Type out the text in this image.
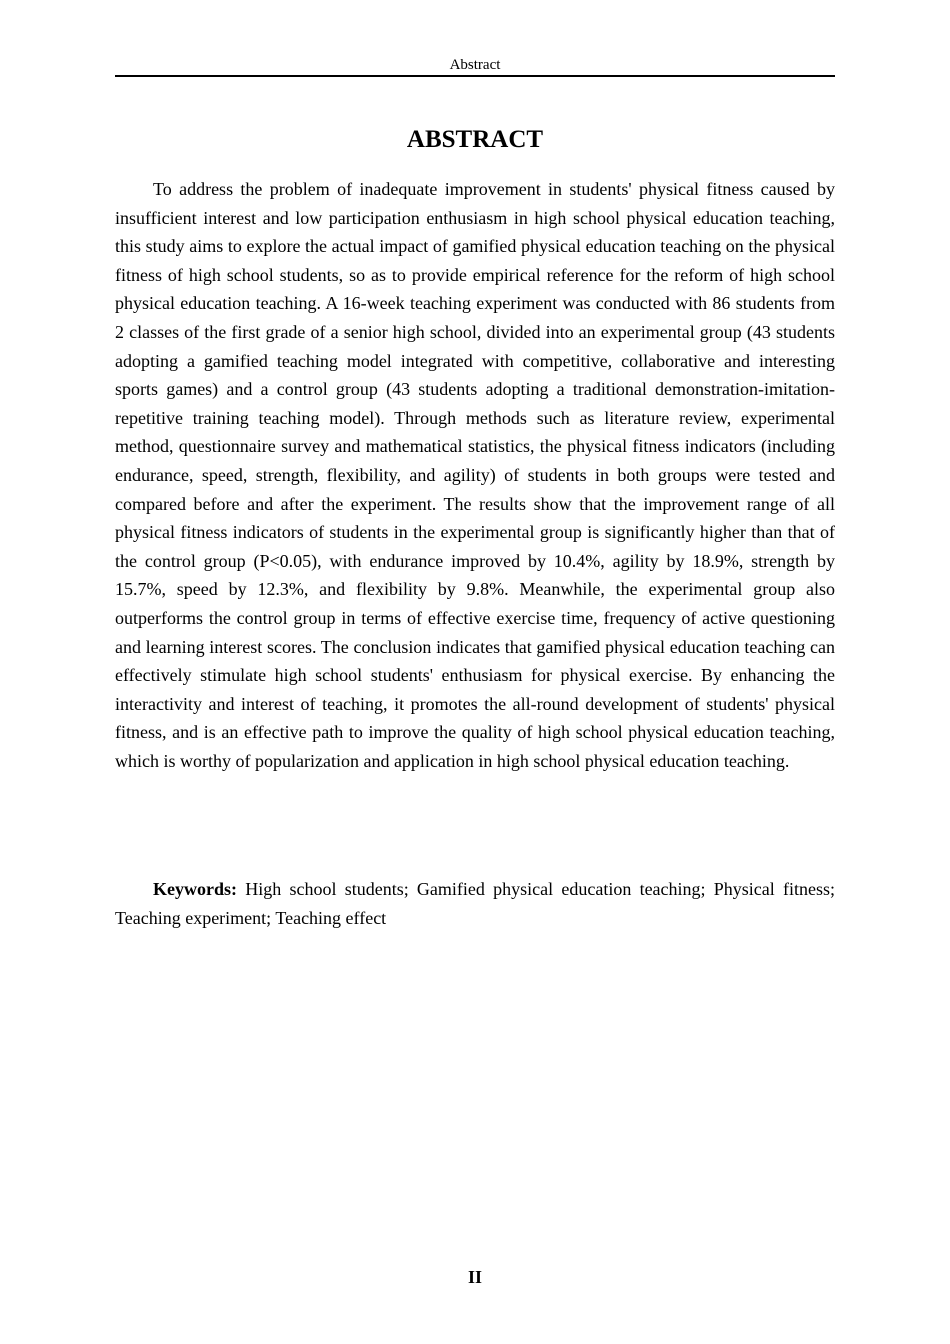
Abstract
ABSTRACT

To address the problem of inadequate improvement in students' physical fitness caused by insufficient interest and low participation enthusiasm in high school physical education teaching, this study aims to explore the actual impact of gamified physical education teaching on the physical fitness of high school students, so as to provide empirical reference for the reform of high school physical education teaching. A 16-week teaching experiment was conducted with 86 students from 2 classes of the first grade of a senior high school, divided into an experimental group (43 students adopting a gamified teaching model integrated with competitive, collaborative and interesting sports games) and a control group (43 students adopting a traditional demonstration-imitation-repetitive training teaching model). Through methods such as literature review, experimental method, questionnaire survey and mathematical statistics, the physical fitness indicators (including endurance, speed, strength, flexibility, and agility) of students in both groups were tested and compared before and after the experiment. The results show that the improvement range of all physical fitness indicators of students in the experimental group is significantly higher than that of the control group (P<0.05), with endurance improved by 10.4%, agility by 18.9%, strength by 15.7%, speed by 12.3%, and flexibility by 9.8%. Meanwhile, the experimental group also outperforms the control group in terms of effective exercise time, frequency of active questioning and learning interest scores. The conclusion indicates that gamified physical education teaching can effectively stimulate high school students' enthusiasm for physical exercise. By enhancing the interactivity and interest of teaching, it promotes the all-round development of students' physical fitness, and is an effective path to improve the quality of high school physical education teaching, which is worthy of popularization and application in high school physical education teaching.

Keywords: High school students; Gamified physical education teaching; Physical fitness; Teaching experiment; Teaching effect

II
